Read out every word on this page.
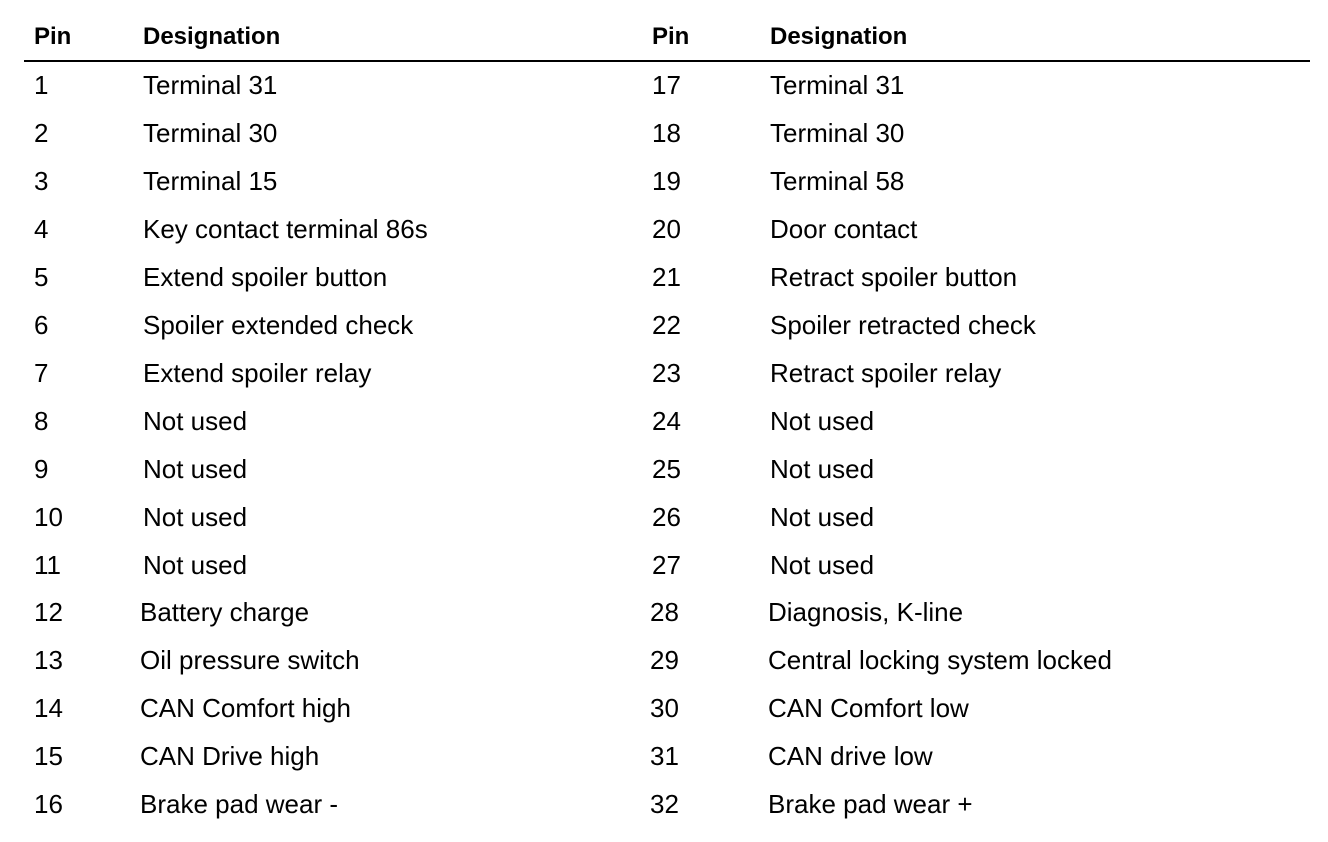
Pin	Designation	Pin	Designation
1	Terminal 31	17	Terminal 31
2	Terminal 30	18	Terminal 30
3	Terminal 15	19	Terminal 58
4	Key contact terminal 86s	20	Door contact
5	Extend spoiler button	21	Retract spoiler button
6	Spoiler extended check	22	Spoiler retracted check
7	Extend spoiler relay	23	Retract spoiler relay
8	Not used	24	Not used
9	Not used	25	Not used
10	Not used	26	Not used
11	Not used	27	Not used
12	Battery charge	28	Diagnosis, K-line
13	Oil pressure switch	29	Central locking system locked
14	CAN Comfort high	30	CAN Comfort low
15	CAN Drive high	31	CAN drive low
16	Brake pad wear -	32	Brake pad wear +
